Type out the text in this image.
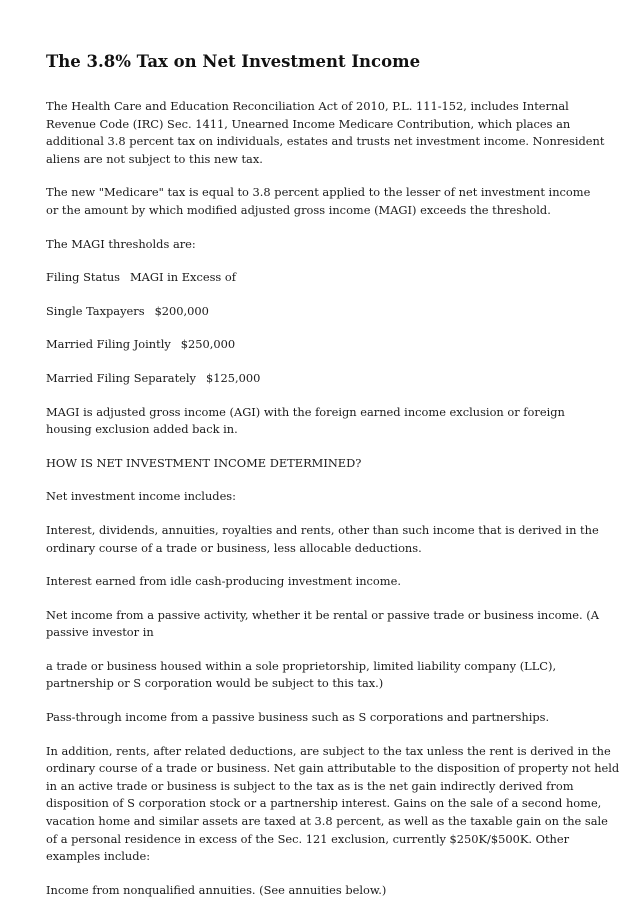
The 3.8% Tax on Net Investment Income

The Health Care and Education Reconciliation Act of 2010, P.L. 111-152, includes Internal Revenue Code (IRC) Sec. 1411, Unearned Income Medicare Contribution, which places an additional 3.8 percent tax on individuals, estates and trusts net investment income. Nonresident aliens are not subject to this new tax.

The new "Medicare" tax is equal to 3.8 percent applied to the lesser of net investment income or the amount by which modified adjusted gross income (MAGI) exceeds the threshold.

The MAGI thresholds are:

Filing Status MAGI in Excess of

Single Taxpayers $200,000

Married Filing Jointly $250,000

Married Filing Separately $125,000

MAGI is adjusted gross income (AGI) with the foreign earned income exclusion or foreign housing exclusion added back in.

HOW IS NET INVESTMENT INCOME DETERMINED?

Net investment income includes:

Interest, dividends, annuities, royalties and rents, other than such income that is derived in the ordinary course of a trade or business, less allocable deductions.

Interest earned from idle cash-producing investment income.

Net income from a passive activity, whether it be rental or passive trade or business income. (A passive investor in

a trade or business housed within a sole proprietorship, limited liability company (LLC), partnership or S corporation would be subject to this tax.)

Pass-through income from a passive business such as S corporations and partnerships.

In addition, rents, after related deductions, are subject to the tax unless the rent is derived in the ordinary course of a trade or business. Net gain attributable to the disposition of property not held in an active trade or business is subject to the tax as is the net gain indirectly derived from disposition of S corporation stock or a partnership interest. Gains on the sale of a second home, vacation home and similar assets are taxed at 3.8 percent, as well as the taxable gain on the sale of a personal residence in excess of the Sec. 121 exclusion, currently $250K/$500K. Other examples include:

Income from nonqualified annuities. (See annuities below.)
